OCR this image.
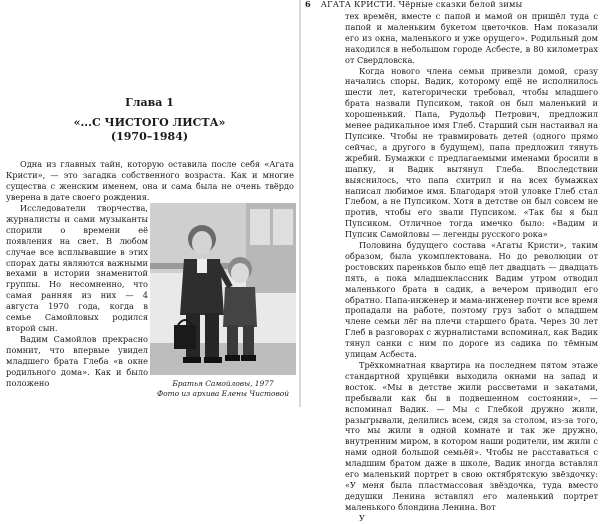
Глава 1
«...С ЧИСТОГО ЛИСТА»
(1970–1984)

Одна из главных тайн, которую оставила после себя «Агата Кристи», — это загадка собственного возраста. Как и многие существа с женским именем, она и сама была не очень твёрдо уверена в дате своего рождения.

Исследователи творчества, журналисты и сами музыканты спорили о времени её появления на свет. В любом случае все всплывавшие в этих спорах даты являются важными вехами в истории знаменитой группы. Но несомненно, что самая ранняя из них — 4 августа 1970 года, когда в семье Самойловых родился второй сын.

Вадим Самойлов прекрасно помнит, что впервые увидел младшего брата Глеба «в окне родильного дома». Как и было положено	Братья Самойловы, 1977
Фото из архива Елены Чистовой
6 АГАТА КРИСТИ. Чёрные сказки белой зимы

тех времён, вместе с папой и мамой он пришёл туда с папой и маленьким букетом цветочков. Нам показали его из окна, маленького и уже орущего». Родильный дом находился в небольшом городе Асбесте, в 80 километрах от Свердловска.

Когда нового члена семьи привезли домой, сразу начались споры. Вадик, которому ещё не исполнилось шести лет, категорически требовал, чтобы младшего брата назвали Пупсиком, такой он был маленький и хорошенький. Папа, Рудольф Петрович, предложил менее радикальное имя Глеб. Старший сын настаивал на Пупсике. Чтобы не травмировать детей (одного прямо сейчас, а другого в будущем), папа предложил тянуть жребий. Бумажки с предлагаемыми именами бросили в шапку, и Вадик вытянул Глеба. Впоследствии выяснилось, что папа схитрил и на всех бумажках написал любимое имя. Благодаря этой уловке Глеб стал Глебом, а не Пупсиком. Хотя в детстве он был совсем не против, чтобы его звали Пупсиком. «Так бы я был Пупсиком. Отличное тогда имечко было: «Вадим и Пупсик Самойловы — легенды русского рока»

Половина будущего состава «Агаты Кристи», таким образом, была укомплектована. Но до революции от ростовских пареньков было ещё лет двадцать — двадцать пять, а пока младшеклассник Вадим утром отводил маленького брата в садик, а вечером приводил его обратно. Папа-инженер и мама-инженер почти все время пропадали на работе, поэтому груз забот о младшем члене семьи лёг на плечи старшего брата. Через 30 лет Глеб в разговорах с журналистами вспоминал, как Вадик тянул санки с ним по дороге из садика по тёмным улицам Асбеста.

Трёхкомнатная квартира на последнем пятом этаже стандартной хрущёвки выходила окнами на запад и восток. «Мы в детстве жили рассветами и закатами, пребывали как бы в подвешенном состоянии», — вспоминал Вадик. — Мы с Глебкой дружно жили, разыгрывали, делились всем, сидя за столом, из-за того, что мы жили в одной комнате и так же дружно, внутренним миром, в котором наши родители, им жили с нами одной большой семьёй». Чтобы не расставаться с младшим братом даже в школе, Вадик иногда вставлял его маленький портрет в свою октябрятскую звёздочку: «У меня была пластмассовая звёздочка, туда вместо дедушки Ленина вставлял его маленький портрет маленького блондина Ленина. Вот

У
